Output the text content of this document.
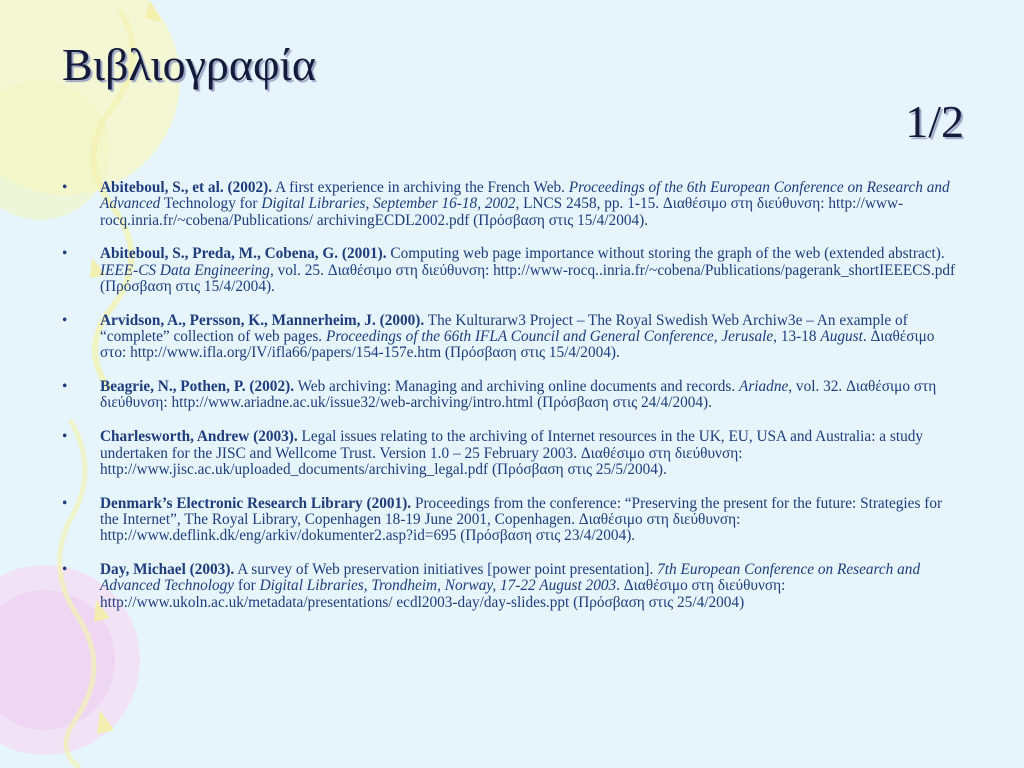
Βιβλιογραφία
1/2
• Abiteboul, S., et al. (2002). A first experience in archiving the French Web. Proceedings of the 6th European Conference on Research and Advanced Technology for Digital Libraries, September 16-18, 2002, LNCS 2458, pp. 1-15. Διαθέσιμο στη διεύθυνση: http://www-rocq.inria.fr/~cobena/Publications/ archivingECDL2002.pdf (Πρόσβαση στις 15/4/2004).
• Abiteboul, S., Preda, M., Cobena, G. (2001). Computing web page importance without storing the graph of the web (extended abstract). IEEE-CS Data Engineering, vol. 25. Διαθέσιμο στη διεύθυνση: http://www-rocq..inria.fr/~cobena/Publications/pagerank_shortIEEECS.pdf (Πρόσβαση στις 15/4/2004).
• Arvidson, A., Persson, K., Mannerheim, J. (2000). The Kulturarw3 Project – The Royal Swedish Web Archiw3e – An example of “complete” collection of web pages. Proceedings of the 66th IFLA Council and General Conference, Jerusale, 13-18 August. Διαθέσιμο στο: http://www.ifla.org/IV/ifla66/papers/154-157e.htm (Πρόσβαση στις 15/4/2004).
• Beagrie, N., Pothen, P. (2002). Web archiving: Managing and archiving online documents and records. Ariadne, vol. 32. Διαθέσιμο στη διεύθυνση: http://www.ariadne.ac.uk/issue32/web-archiving/intro.html (Πρόσβαση στις 24/4/2004).
• Charlesworth, Andrew (2003). Legal issues relating to the archiving of Internet resources in the UK, EU, USA and Australia: a study undertaken for the JISC and Wellcome Trust. Version 1.0 – 25 February 2003. Διαθέσιμο στη διεύθυνση: http://www.jisc.ac.uk/uploaded_documents/archiving_legal.pdf (Πρόσβαση στις 25/5/2004).
• Denmark’s Electronic Research Library (2001). Proceedings from the conference: “Preserving the present for the future: Strategies for the Internet”, The Royal Library, Copenhagen 18-19 June 2001, Copenhagen. Διαθέσιμο στη διεύθυνση: http://www.deflink.dk/eng/arkiv/dokumenter2.asp?id=695 (Πρόσβαση στις 23/4/2004).
• Day, Michael (2003). A survey of Web preservation initiatives [power point presentation]. 7th European Conference on Research and Advanced Technology for Digital Libraries, Trondheim, Norway, 17-22 August 2003. Διαθέσιμο στη διεύθυνση: http://www.ukoln.ac.uk/metadata/presentations/ ecdl2003-day/day-slides.ppt (Πρόσβαση στις 25/4/2004)
